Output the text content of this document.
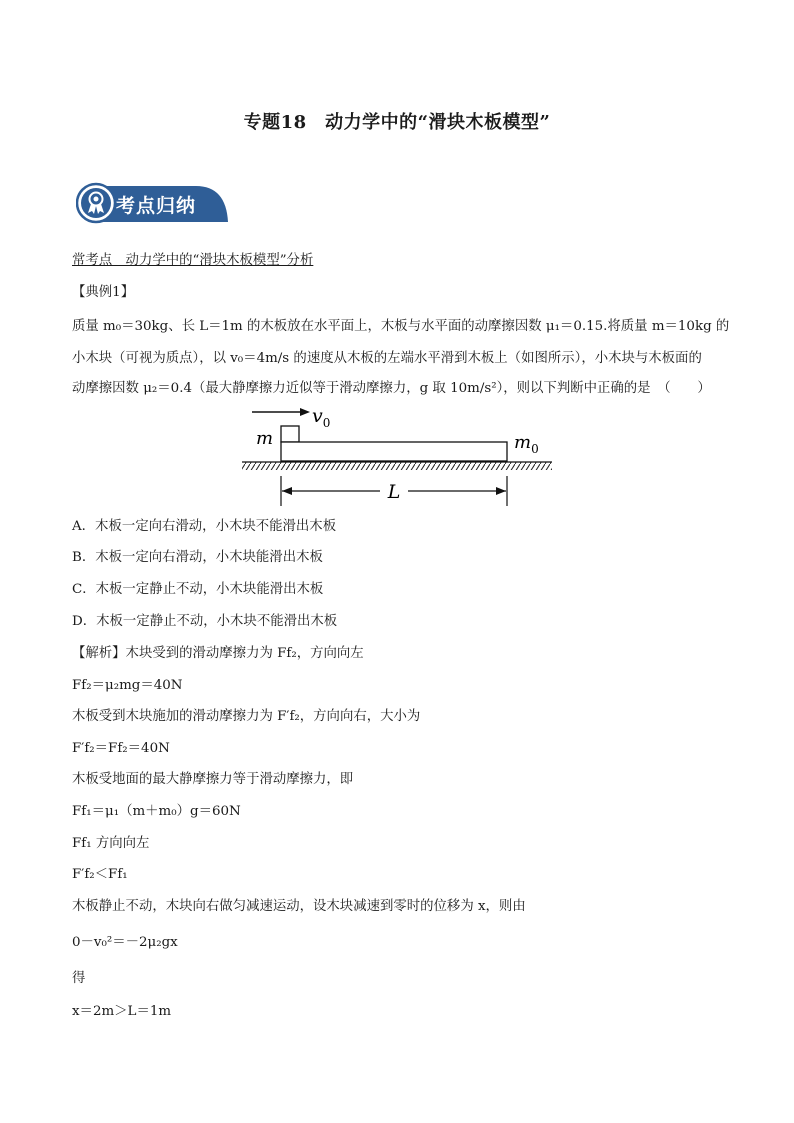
专题18　动力学中的“滑块木板模型”
考点归纳
常考点　动力学中的“滑块木板模型”分析
【典例1】
质量 m₀＝30kg、长 L＝1m 的木板放在水平面上，木板与水平面的动摩擦因数 μ₁＝0.15.将质量 m＝10kg 的
小木块（可视为质点），以 v₀＝4m/s 的速度从木板的左端水平滑到木板上（如图所示），小木块与木板面的
动摩擦因数 μ₂＝0.4（最大静摩擦力近似等于滑动摩擦力，g 取 10m/s²），则以下判断中正确的是　（　　）
$v_0$
m	$m_0$
L
A．木板一定向右滑动，小木块不能滑出木板
B．木板一定向右滑动，小木块能滑出木板
C．木板一定静止不动，小木块能滑出木板
D．木板一定静止不动，小木块不能滑出木板
【解析】木块受到的滑动摩擦力为 Ff₂，方向向左
Ff₂＝μ₂mg＝40N
木板受到木块施加的滑动摩擦力为 F′f₂，方向向右，大小为
F′f₂＝Ff₂＝40N
木板受地面的最大静摩擦力等于滑动摩擦力，即
Ff₁＝μ₁（m＋m₀）g＝60N
Ff₁ 方向向左
F′f₂＜Ff₁
木板静止不动，木块向右做匀减速运动，设木块减速到零时的位移为 x，则由
0－v₀²＝－2μ₂gx
得
x＝2m＞L＝1m
